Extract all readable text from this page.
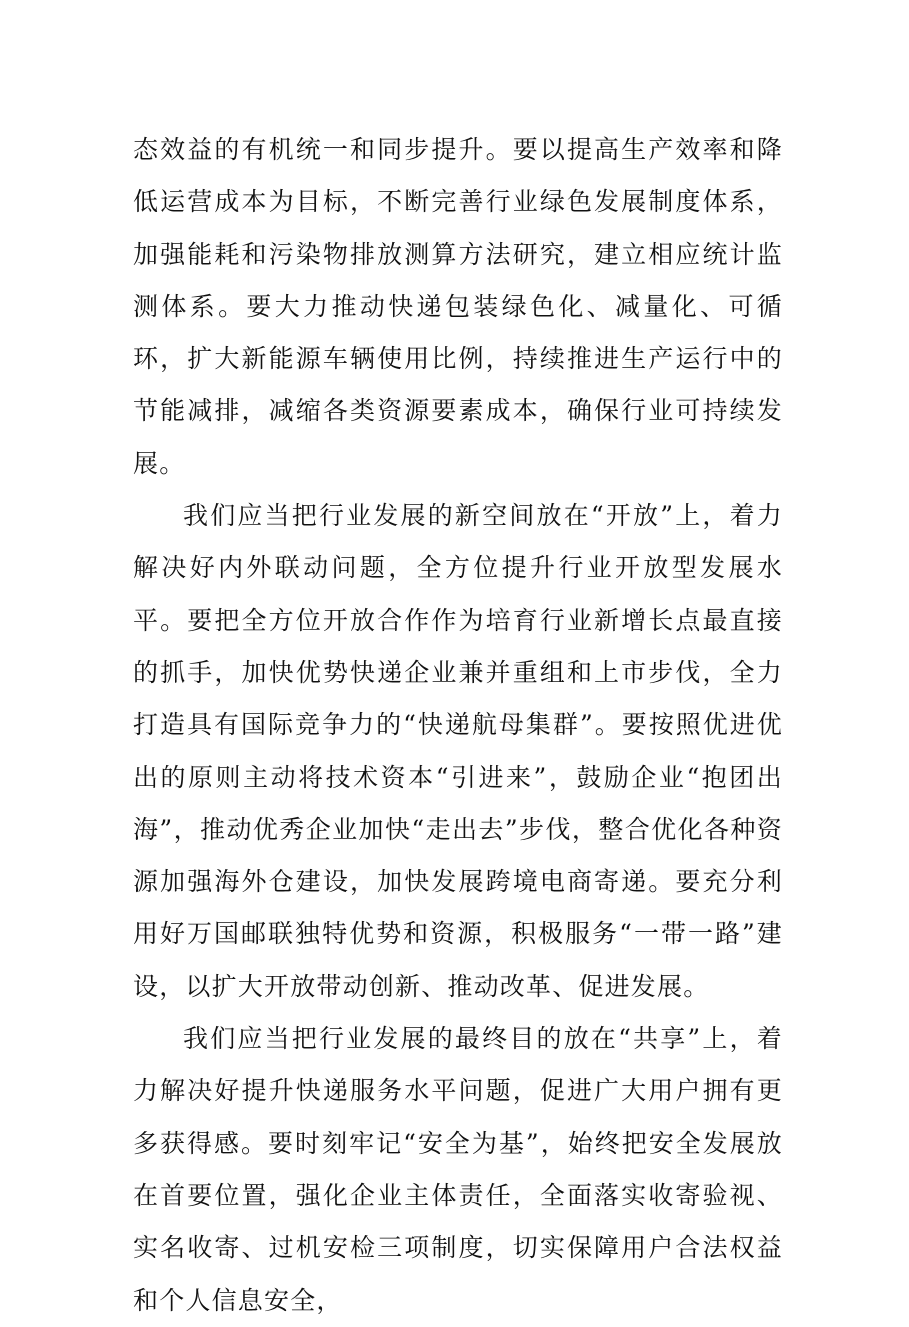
态效益的有机统一和同步提升。要以提高生产效率和降低运营成本为目标，不断完善行业绿色发展制度体系，加强能耗和污染物排放测算方法研究，建立相应统计监测体系。要大力推动快递包装绿色化、减量化、可循环，扩大新能源车辆使用比例，持续推进生产运行中的节能减排，减缩各类资源要素成本，确保行业可持续发展。

我们应当把行业发展的新空间放在“开放”上，着力解决好内外联动问题，全方位提升行业开放型发展水平。要把全方位开放合作作为培育行业新增长点最直接的抓手，加快优势快递企业兼并重组和上市步伐，全力打造具有国际竞争力的“快递航母集群”。要按照优进优出的原则主动将技术资本“引进来”，鼓励企业“抱团出海”，推动优秀企业加快“走出去”步伐，整合优化各种资源加强海外仓建设，加快发展跨境电商寄递。要充分利用好万国邮联独特优势和资源，积极服务“一带一路”建设，以扩大开放带动创新、推动改革、促进发展。

我们应当把行业发展的最终目的放在“共享”上，着力解决好提升快递服务水平问题，促进广大用户拥有更多获得感。要时刻牢记“安全为基”，始终把安全发展放在首要位置，强化企业主体责任，全面落实收寄验视、实名收寄、过机安检三项制度，切实保障用户合法权益和个人信息安全，
